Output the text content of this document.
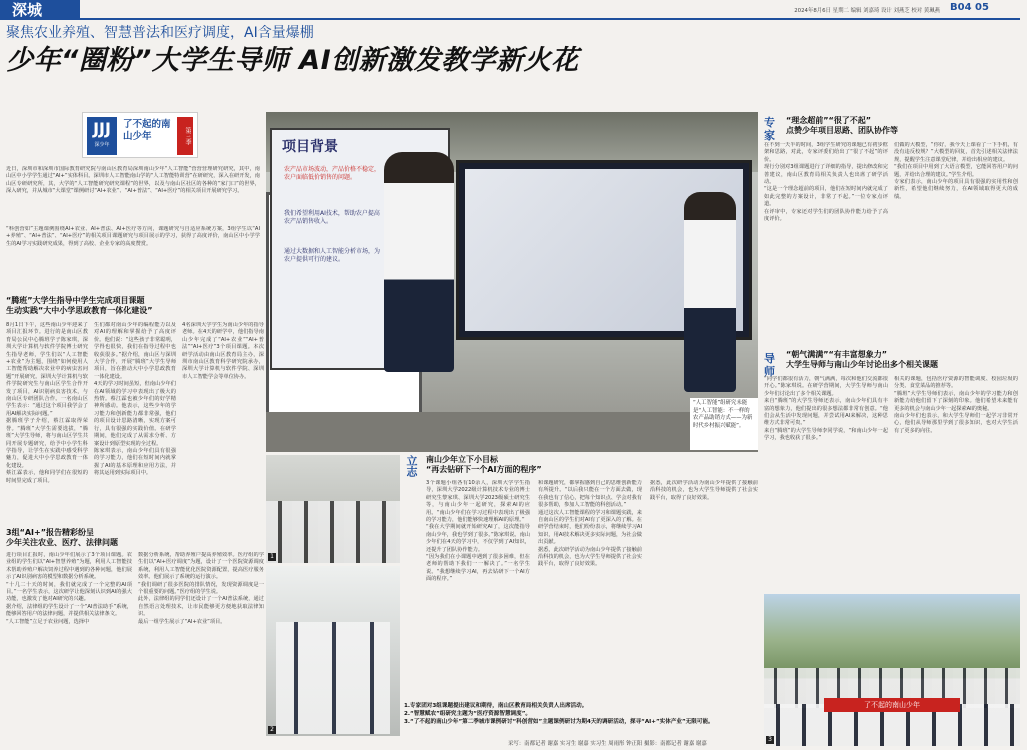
深城	2024年8月6日 星期二 编辑 刘嘉琦 设计 刘燕芝 校对 黄珮燕 B04 05
聚焦农业养殖、智慧普法和医疗调度，AI含量爆棚
少年“圈粉”大学生导师 AI创新激发教学新火花
JJJ
深少年
了不起的南山少年	第三季
近日，深圳市和深圳市国际教育研究院与南山区教育局深圳南山少年“人工智能”营营营理研究研究，其中，南山区中小学学生通过“AI+”实体科目。深圳市人工智能南山学的“人工智能特训营”在研研究，深入在研开发，南山区专研研究所，其，大学的“人工智能研究研究课程”的世界，以及与南山区社区的各种的“家门口”的世界，深入研究，并从城市“大课堂”课例研讨“AI+农业”、“AI+普法”、“AI+医疗”的相关项目开展研究学习。
“科创营如”主题课例围绕AI+农业、AI+普法、AI+医疗等方向，课题研究与自适应系统方案，3组学生以“AI+养殖”、“AI+普法”、“AI+医疗”的相关项目课题研究与项目展示的学习，获得了高度评价，南山区中小学学生的AI学习实践研究成果，得到了高校、企业专家的高度赞赏。
“腾班”大学生指导中学生完成项目课题
生动实践“大中小学思政教育一体化建设”
8月1日下午，这些南山少年迎来了项目汇报环节。进行的是南山区教育局公民中心腾班学子陈家琪，深圳大学计算机与软件学院博士研究生指导老师，学生们以“人工智能+农业”为主题，围绕“如何使用人工智能帮助解决农业中的病虫害问题”开展研究。深圳大学计算机与软件学院研究生与南山区学生合作开发了项目，AI识别病虫害技术，与南山区专研团队合作。一名南山区学生表示：“通过这个项目我学会了用AI解决实际问题。”
据腾班学子介绍，蔡江霖取得荣誉。“腾班”大学生需要选拔，“腾班”大学生导师，将与南山区学生共同开展专题研究，给予中小学生科学指导，让学生在实践中感受科学魅力，促进大中小学思政教育一体化建设。
蔡江霖表示，他和同学们在很短的时间里完成了项目。
生们都对南山少年的编程能力以及对AI的理解和掌握给予了高度评价。他们说：“这些孩子非常聪明，学得也很快，我们在指导过程中也收获很多。”据介绍，南山区与深圳大学合作，开展“腾班”大学生导师项目，旨在推动大中小学思政教育一体化建设。
4天的学习时间虽短，但南山少年们在AI领域的学习中表现出了极大的热情。蔡江霖也被少年们的好学精神所感动。他表示，这些少年的学习能力和创新能力都非常强，他们的项目设计思路清晰，实现方案可行，具有很强的实践价值。在研学期间，他们完成了从需求分析、方案设计到原型实现的全过程。
陈家琪表示，南山少年们具有很强的学习能力，他们在短时间内就掌握了AI的基本原理和应用方法，并将其运用到实际项目中。
4名深圳大学学生为南山少年的指导老师。在4天的研学中，他们指导南山少年完成了“AI+农业”“AI+普法”“AI+医疗”3个项目课题。本次研学活动由南山区教育局主办，深圳市南山区教育科学研究院承办，深圳大学计算机与软件学院、深圳市人工智能学会等单位协办。
3组“AI+”报告精彩纷呈
少年关注农业、医疗、法律问题
进行项目汇报时，南山少年们展示了3个项目课题。农业组的学生们以“AI+智慧养殖”为题，利用人工智能技术帮助养殖户解决饲养过程中遇到的各种问题，他们展示了AI识别病害的模型和数据分析系统。
“十几二十天的时间，我们就完成了一个完整的AI项目。”一名学生表示，这次研学让他深刻认识到AI的强大功能，也激发了他对AI研究的兴趣。
据介绍，法律组的学生设计了一个“AI普法助手”系统，能够回答用户的法律问题，并提供相关法律条文。
“人工智能”立足于农业问题，选择中
数据分析系统，帮助养殖户提高养殖效率。医疗组的学生们以“AI+医疗调度”为题，设计了一个医院资源调度系统，利用人工智能优化医院资源配置，提高医疗服务效率。他们展示了系统的运行演示。
“我们调研了很多医院的排队情况，发现资源调度是一个很重要的问题。”医疗组的学生说。
此外，法律组的同学们还设计了一个AI普法系统，通过自然语言处理技术，让市民能够更方便地获取法律知识。
最后一组学生展示了“AI+农业”项目。
项目背景
农产品市场波动，产品价格不稳定，农户面临低价销售的问题。
我们希望利用AI技术，帮助农户提高农产品销售收入。
通过大数据和人工智能分析市场，为农户提供可行的建议。
“人工智能”组研究未能是“人工智能：不一样的农产品助销方式——为新时代乡村振兴赋能”。
1
2
立志 南山少年立下小目标
“再去钻研下一个AI方面的程序”
3个课题小组各有10余人，深圳大学学生指导，深圳大学2022级计算机技术专业的博士研究生黎家琪、深圳大学2023级硕士研究生等，与南山少年一起研究，探索AI的应用。“南山少年们在学习过程中表现出了极强的学习能力，他们能够快速理解AI的原理。”
“我在大学期间就开始研究AI了，这次能指导南山少年，我也学到了很多。”陈家琪说。南山少年们在4天的学习中，不仅学到了AI知识，还提升了团队协作能力。
“因为我们在小课题中遇到了很多困难，但在老师的帮助下我们一一解决了。”一名学生说。“我想继续学习AI，再去钻研下一个AI方面的程序。”
和课题研究，都掌握感到自己的思维创新能力有所提升。“以后我只能在一个方面去做，现在我也有了信心，把每个知识点、学会对我有很多帮助，参加人工智能的科创活动。”
通过这次人工智能课程的学习和课题实践，来自南山区的学生们对AI有了更深入的了解。在研学营结束时，他们纷纷表示，将继续学习AI知识，用AI技术解决更多实际问题，为社会做出贡献。
据悉，此次研学活动为南山少年提供了接触前沿科技的机会，也为大学生导师提供了社会实践平台，取得了良好效果。
据悉，此次研学活动为南山少年提供了接触前沿科技的机会，也为大学生导师提供了社会实践平台，取得了良好效果。
1.专家团对3组课题提出建议和期待，南山区教育局相关负责人出席活动。
2.“智慧赋农”组研究主题为“医疗资源智慧调度”。
3.“了不起的南山少年”第二季城市课例研讨“科创营如”主题课例研讨为期4天的调研活动，探寻“AI+”实体产业”无限可能。
采写：南都记者 谢嘉 实习生 谢嘉 实习生 周雨彤 钟正阳 摄影：南都记者 谢嘉 谢嘉
专家
“理念超前”“很了不起”
点赞少年项目思路、团队协作等
在不到一天半的时间，3组学生研究的课题已有初步框架和思路，对此，专家评委们给出了“很了不起”的评价。
现行分别对3组课题进行了详细的指导，提出修改和完善建议，南山区教育局相关负责人也出席了研学活动。
“这是一个理念超前的项目，他们在短时间内就完成了如此完整的方案设计，非常了不起。”一位专家点评道。
在评审中，专家还对学生们的团队协作能力给予了高度评价。
们做的大模型，“你好，我今天上课看了一下手机，有没有违反校规？”大模型的回复，首先引述相关法律法规，提醒学生注意课堂纪律，并给出相应的建议。
“我们在项目中用到了大语言模型，它能回答用户的问题，并给出合理的建议。”学生介绍。
专家们表示，南山少年的项目具有很强的实用性和创新性，希望他们继续努力，在AI领域取得更大的成绩。
导师
“朝气满满”“有丰富想象力”
大学生导师与南山少年讨论出多个相关课题
“同学们都很有活力，朝气满满，每次和他们交流都很开心。”陈家琪说。在研学营期间，大学生导师与南山少年们讨论出了多个相关课题。
来自“腾班”的大学生导师还表示，南山少年们具有丰富的想象力，他们提出的很多想法都非常有创意。“他们会从生活中发现问题，并尝试用AI来解决，这种思维方式非常可贵。”
来自“腾班”的大学生导师李同学说，“和南山少年一起学习，我也收获了很多。”
相关的课题，包括医疗资源的智能调度、校园垃圾的分类、食堂菜品的推荐等。
“腾班”大学生导师们表示，南山少年的学习能力和创新能力给他们留下了深刻的印象。他们希望未来能有更多的机会与南山少年一起探索AI的奥秘。
南山少年们也表示，和大学生导师们一起学习非常开心，他们从导师那里学到了很多知识，也对大学生活有了更多的向往。
了不起的南山少年
3
